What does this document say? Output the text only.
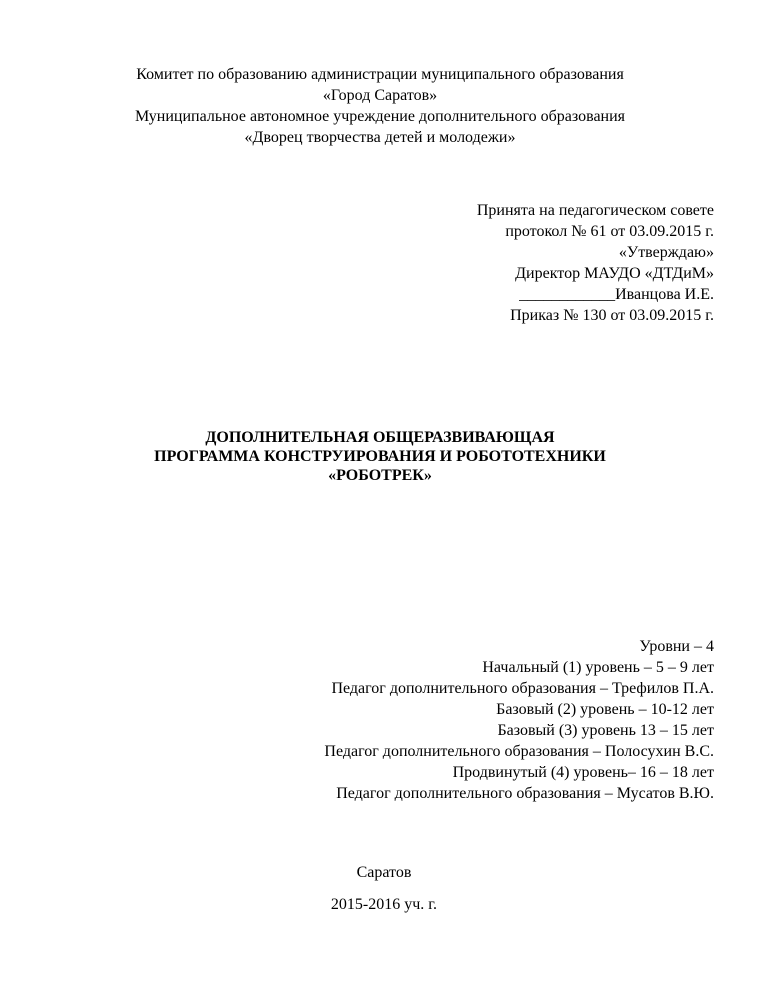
Комитет по образованию администрации муниципального образования
«Город Саратов»
Муниципальное автономное учреждение дополнительного образования
«Дворец творчества детей и молодежи»
Принята на педагогическом совете
протокол № 61 от 03.09.2015 г.
«Утверждаю»
Директор МАУДО «ДТДиМ»
____________Иванцова И.Е.
Приказ № 130 от 03.09.2015 г.
ДОПОЛНИТЕЛЬНАЯ ОБЩЕРАЗВИВАЮЩАЯ
ПРОГРАММА КОНСТРУИРОВАНИЯ И РОБОТОТЕХНИКИ
«РОБОТРЕК»
Уровни – 4
Начальный (1) уровень – 5 – 9 лет
Педагог дополнительного образования – Трефилов П.А.
Базовый (2) уровень – 10-12 лет
Базовый (3) уровень 13 – 15 лет
Педагог дополнительного образования – Полосухин В.С.
Продвинутый (4) уровень– 16 – 18 лет
Педагог дополнительного образования – Мусатов В.Ю.
Саратов
2015-2016 уч. г.
